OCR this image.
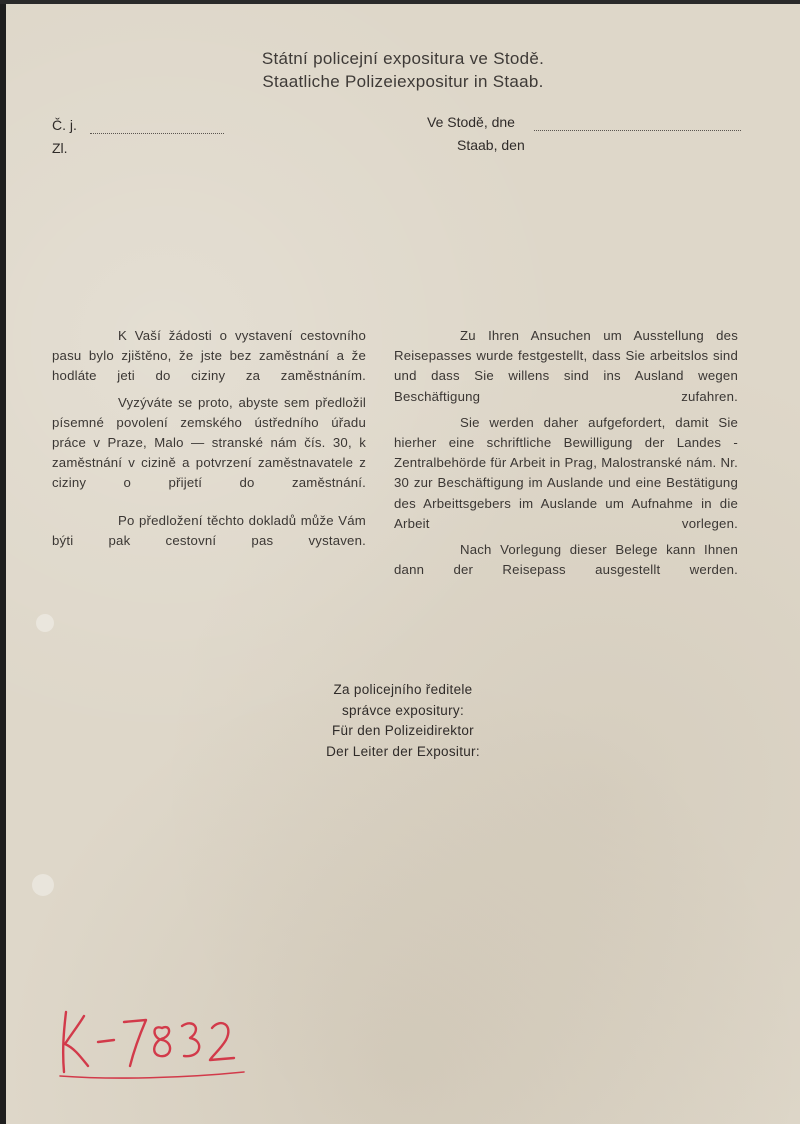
Státní policejní expositura ve Stodě.
Staatliche Polizeiexpositur in Staab.
Č. j.
Zl.
Ve Stodě, dne
Staab, den

K Vaší žádosti o vystavení cestovního pasu bylo zjištěno, že jste bez zaměstnání a že hodláte jeti do ciziny za zaměstnáním.

Vyzýváte se proto, abyste sem předložil písemné povolení zemského ústředního úřadu práce v Praze, Malo — stranské nám čís. 30, k zaměstnání v cizině a potvrzení zaměstnavatele z ciziny o přijetí do zaměstnání.

Po předložení těchto dokladů může Vám býti pak cestovní pas vystaven.

Zu Ihren Ansuchen um Ausstellung des Reisepasses wurde festgestellt, dass Sie arbeitslos sind und dass Sie willens sind ins Ausland wegen Beschäftigung zufahren.

Sie werden daher aufgefordert, damit Sie hierher eine schriftliche Bewilligung der Landes - Zentralbehörde für Arbeit in Prag, Malostranské nám. Nr. 30 zur Beschäftigung im Auslande und eine Bestätigung des Arbeittsgebers im Auslande um Aufnahme in die Arbeit vorlegen.

Nach Vorlegung dieser Belege kann Ihnen dann der Reisepass ausgestellt werden.

Za policejního ředitele
správce expositury:
Für den Polizeidirektor
Der Leiter der Expositur:
K-7832
